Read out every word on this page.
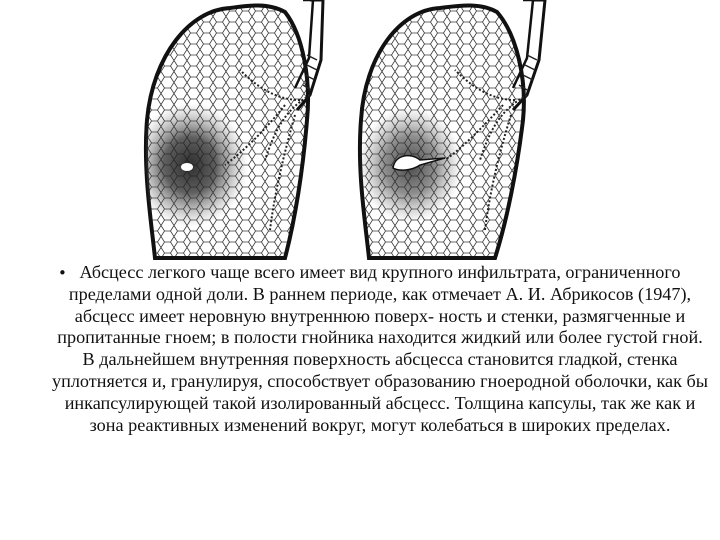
• Абсцесс легкого чаще всего имеет вид крупного инфильтрата, ограниченного пределами одной доли. В раннем периоде, как отмечает А. И. Абрикосов (1947), абсцесс имеет неровную внутреннюю поверх- ность и стенки, размягченные и пропитанные гноем; в полости гнойника находится жидкий или более густой гной. В дальнейшем внутренняя поверхность абсцесса становится гладкой, стенка уплотняется и, гранулируя, способствует образованию гноеродной оболочки, как бы инкапсулирующей такой изолированный абсцесс. Толщина капсулы, так же как и зона реактивных изменений вокруг, могут колебаться в широких пределах.
